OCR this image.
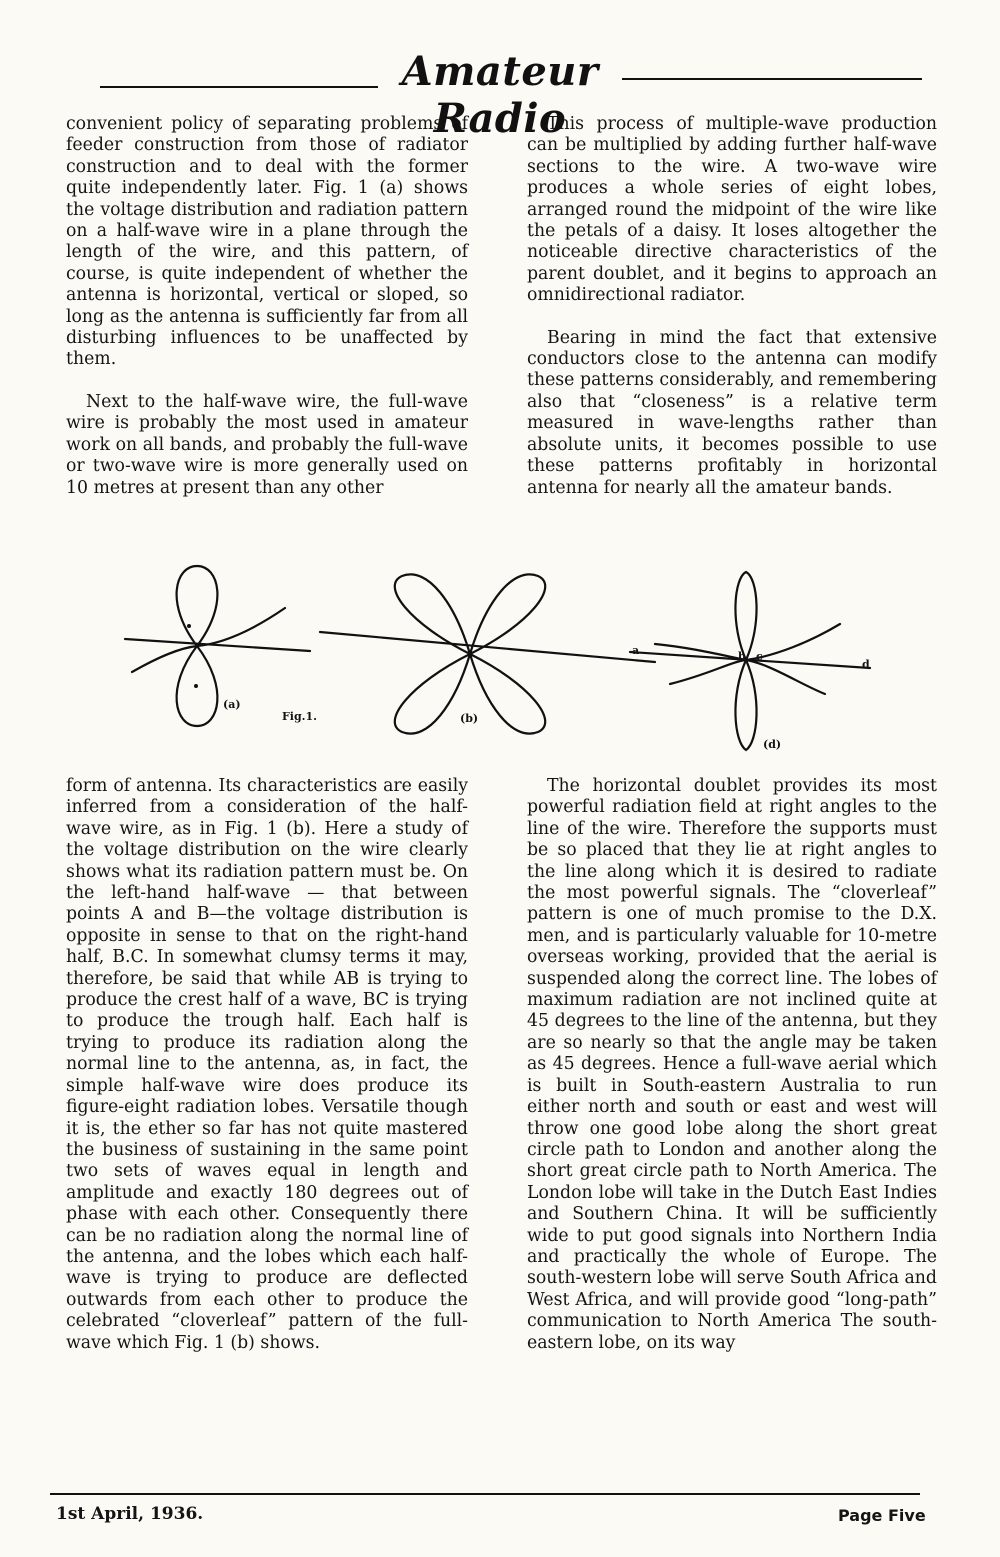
Amateur Radio

convenient policy of separating problems of feeder construction from those of radiator construction and to deal with the former quite independently later. Fig. 1 (a) shows the voltage distribution and radiation pattern on a half-wave wire in a plane through the length of the wire, and this pattern, of course, is quite independent of whether the antenna is horizontal, vertical or sloped, so long as the antenna is sufficiently far from all disturbing influences to be unaffected by them.

Next to the half-wave wire, the full-wave wire is probably the most used in amateur work on all bands, and probably the full-wave or two-wave wire is more generally used on 10 metres at present than any other

This process of multiple-wave production can be multiplied by adding further half-wave sections to the wire. A two-wave wire produces a whole series of eight lobes, arranged round the midpoint of the wire like the petals of a daisy. It loses altogether the noticeable directive characteristics of the parent doublet, and it begins to approach an omnidirectional radiator.

Bearing in mind the fact that extensive conductors close to the antenna can modify these patterns considerably, and remembering also that “closeness” is a relative term measured in wave-lengths rather than absolute units, it becomes possible to use these patterns profitably in horizontal antenna for nearly all the amateur bands.

(a)
Fig.1.	(b)
(d)
a	b c
d

form of antenna. Its characteristics are easily inferred from a consideration of the half-wave wire, as in Fig. 1 (b). Here a study of the voltage distribution on the wire clearly shows what its radiation pattern must be. On the left-hand half-wave — that between points A and B—the voltage distribution is opposite in sense to that on the right-hand half, B.C. In somewhat clumsy terms it may, therefore, be said that while AB is trying to produce the crest half of a wave, BC is trying to produce the trough half. Each half is trying to produce its radiation along the normal line to the antenna, as, in fact, the simple half-wave wire does produce its figure-eight radiation lobes. Versatile though it is, the ether so far has not quite mastered the business of sustaining in the same point two sets of waves equal in length and amplitude and exactly 180 degrees out of phase with each other. Consequently there can be no radiation along the normal line of the antenna, and the lobes which each half-wave is trying to produce are deflected outwards from each other to produce the celebrated “cloverleaf” pattern of the full-wave which Fig. 1 (b) shows.

The horizontal doublet provides its most powerful radiation field at right angles to the line of the wire. Therefore the supports must be so placed that they lie at right angles to the line along which it is desired to radiate the most powerful signals. The “cloverleaf” pattern is one of much promise to the D.X. men, and is particularly valuable for 10-metre overseas working, provided that the aerial is suspended along the correct line. The lobes of maximum radiation are not inclined quite at 45 degrees to the line of the antenna, but they are so nearly so that the angle may be taken as 45 degrees. Hence a full-wave aerial which is built in South-eastern Australia to run either north and south or east and west will throw one good lobe along the short great circle path to London and another along the short great circle path to North America. The London lobe will take in the Dutch East Indies and Southern China. It will be sufficiently wide to put good signals into Northern India and practically the whole of Europe. The south-western lobe will serve South Africa and West Africa, and will provide good “long-path” communication to North America The south-eastern lobe, on its way

1st April, 1936.	Page Five
